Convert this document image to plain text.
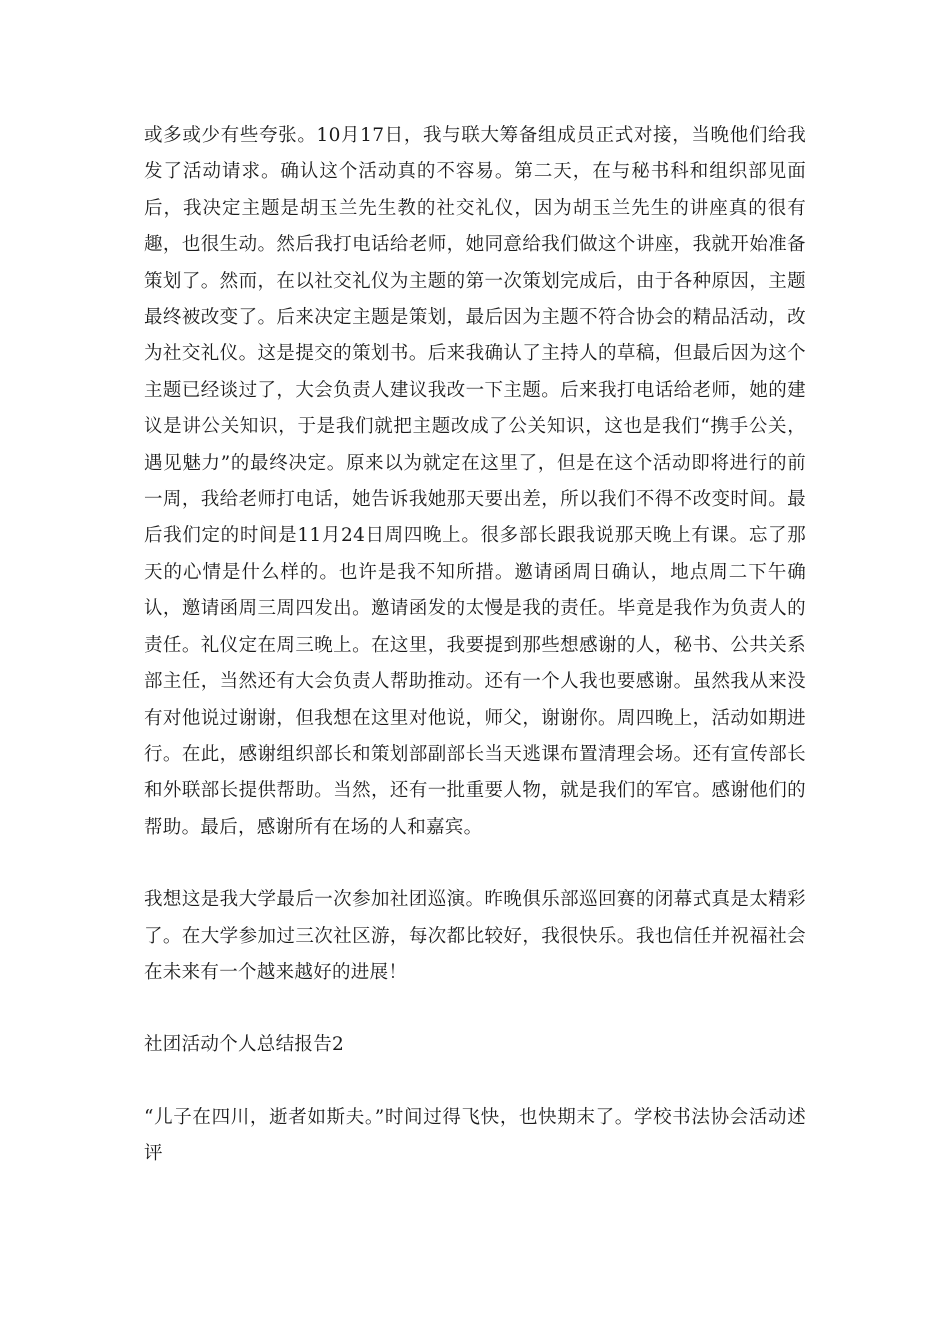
或多或少有些夸张。10月17日，我与联大筹备组成员正式对接，当晚他们给我发了活动请求。确认这个活动真的不容易。第二天，在与秘书科和组织部见面后，我决定主题是胡玉兰先生教的社交礼仪，因为胡玉兰先生的讲座真的很有趣，也很生动。然后我打电话给老师，她同意给我们做这个讲座，我就开始准备策划了。然而，在以社交礼仪为主题的第一次策划完成后，由于各种原因，主题最终被改变了。后来决定主题是策划，最后因为主题不符合协会的精品活动，改为社交礼仪。这是提交的策划书。后来我确认了主持人的草稿，但最后因为这个主题已经谈过了，大会负责人建议我改一下主题。后来我打电话给老师，她的建议是讲公关知识，于是我们就把主题改成了公关知识，这也是我们“携手公关，遇见魅力”的最终决定。原来以为就定在这里了，但是在这个活动即将进行的前一周，我给老师打电话，她告诉我她那天要出差，所以我们不得不改变时间。最后我们定的时间是11月24日周四晚上。很多部长跟我说那天晚上有课。忘了那天的心情是什么样的。也许是我不知所措。邀请函周日确认，地点周二下午确认，邀请函周三周四发出。邀请函发的太慢是我的责任。毕竟是我作为负责人的责任。礼仪定在周三晚上。在这里，我要提到那些想感谢的人，秘书、公共关系部主任，当然还有大会负责人帮助推动。还有一个人我也要感谢。虽然我从来没有对他说过谢谢，但我想在这里对他说，师父，谢谢你。周四晚上，活动如期进行。在此，感谢组织部长和策划部副部长当天逃课布置清理会场。还有宣传部长和外联部长提供帮助。当然，还有一批重要人物，就是我们的军官。感谢他们的帮助。最后，感谢所有在场的人和嘉宾。

我想这是我大学最后一次参加社团巡演。昨晚俱乐部巡回赛的闭幕式真是太精彩了。在大学参加过三次社区游，每次都比较好，我很快乐。我也信任并祝福社会在未来有一个越来越好的进展！

社团活动个人总结报告2

“儿子在四川，逝者如斯夫。”时间过得飞快，也快期末了。学校书法协会活动述评
